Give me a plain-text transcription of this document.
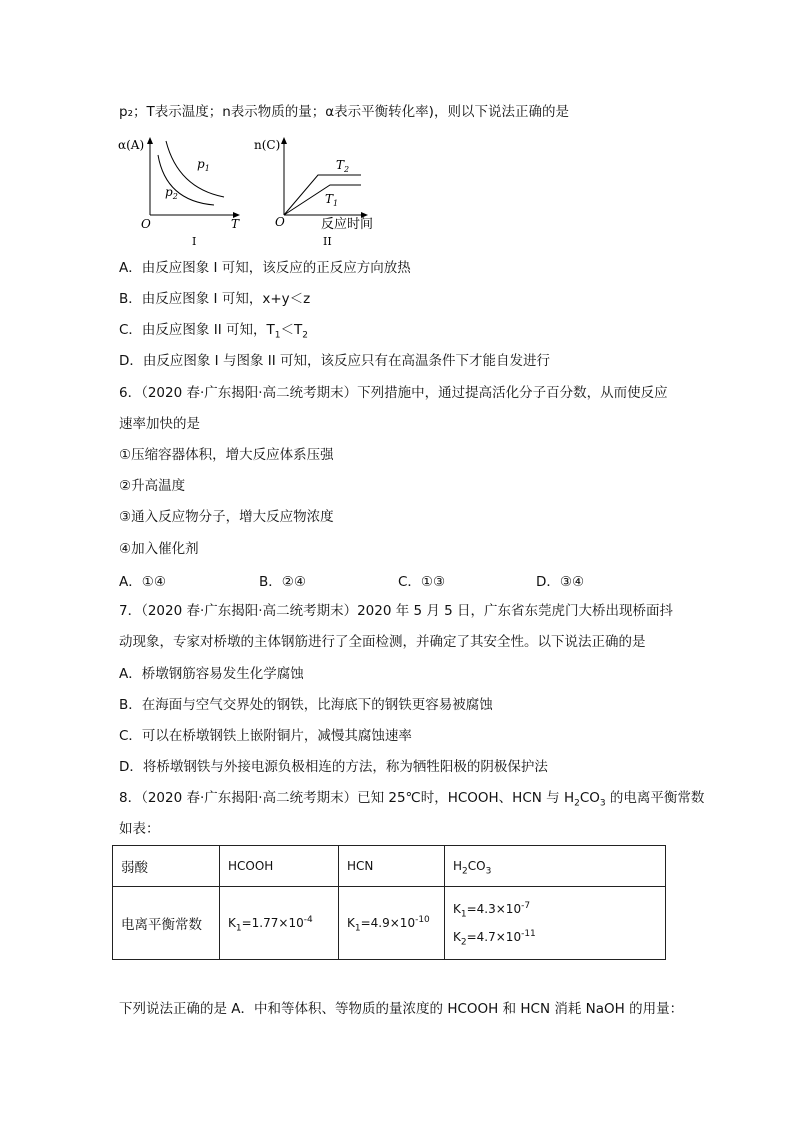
p₂；T表示温度；n表示物质的量；α表示平衡转化率)，则以下说法正确的是
α(A)
$p_1$
$p_2$
O	T
I
n(C)
$T_2$
$T_1$
O	反应时间
II
A．由反应图象 I 可知，该反应的正反应方向放热
B．由反应图象 I 可知，x+y＜z
C．由反应图象 II 可知，$T_1<T_2$
D．由反应图象 I 与图象 II 可知，该反应只有在高温条件下才能自发进行
6．（2020 春·广东揭阳·高二统考期末）下列措施中，通过提高活化分子百分数，从而使反应
速率加快的是
①压缩容器体积，增大反应体系压强
②升高温度
③通入反应物分子，增大反应物浓度
④加入催化剂
A．①④	B．②④	C．①③	D．③④
7．（2020 春·广东揭阳·高二统考期末）2020 年 5 月 5 日，广东省东莞虎门大桥出现桥面抖
动现象，专家对桥墩的主体钢筋进行了全面检测，并确定了其安全性。以下说法正确的是
A．桥墩钢筋容易发生化学腐蚀
B．在海面与空气交界处的钢铁，比海底下的钢铁更容易被腐蚀
C．可以在桥墩钢铁上嵌附铜片，减慢其腐蚀速率
D．将桥墩钢铁与外接电源负极相连的方法，称为牺牲阳极的阴极保护法
8．（2020 春·广东揭阳·高二统考期末）已知 25℃时，HCOOH、HCN 与 $H_2CO_3$ 的电离平衡常数
如表：
弱酸	HCOOH	HCN	$H_2CO_3$
电离平衡常数	$K_1=1.77\times 10^{-4}$	$K_1=4.9\times 10^{-10}$	$K_1=4.3\times 10^{-7}$
$K_2=4.7\times 10^{-11}$
下列说法正确的是 A．中和等体积、等物质的量浓度的 HCOOH 和 HCN 消耗 NaOH 的用量：
